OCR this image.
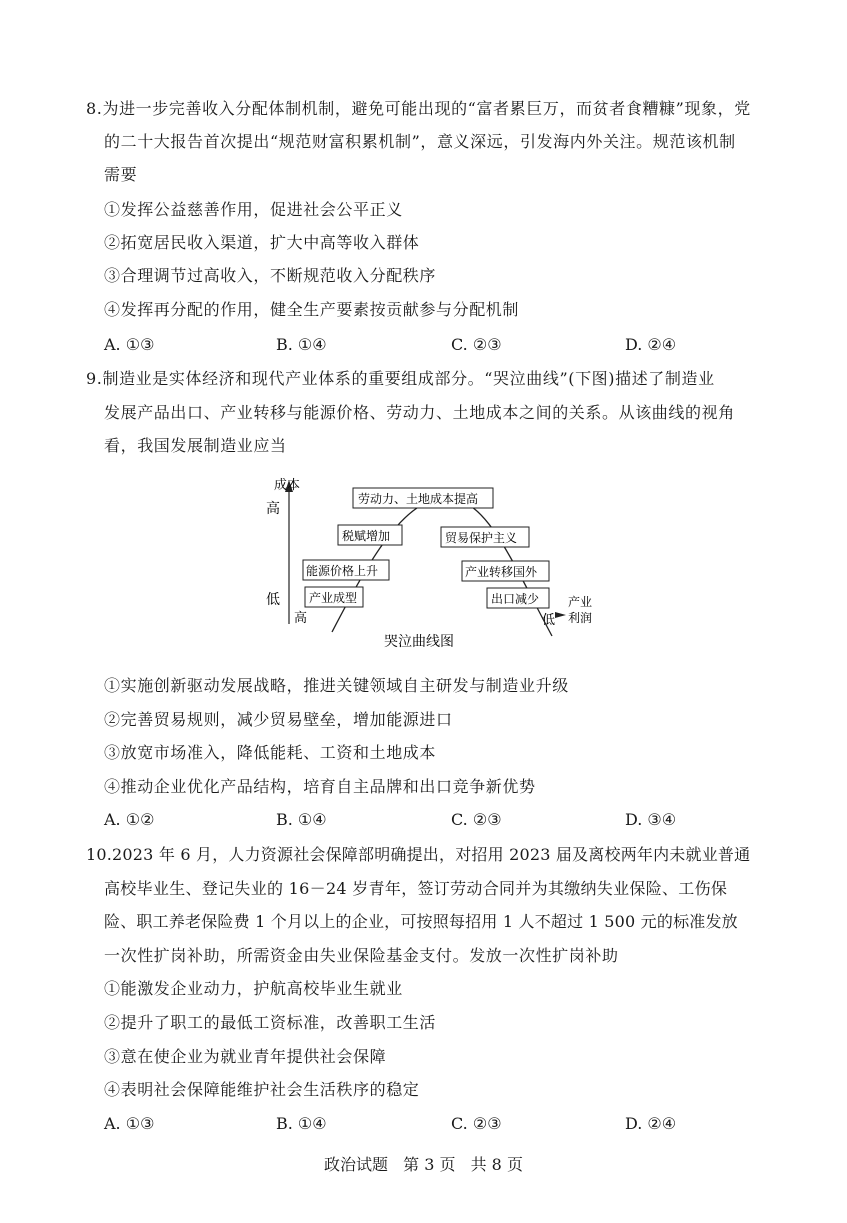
8.为进一步完善收入分配体制机制，避免可能出现的“富者累巨万，而贫者食糟糠”现象，党
的二十大报告首次提出“规范财富积累机制”，意义深远，引发海内外关注。规范该机制
需要
①发挥公益慈善作用，促进社会公平正义
②拓宽居民收入渠道，扩大中高等收入群体
③合理调节过高收入，不断规范收入分配秩序
④发挥再分配的作用，健全生产要素按贡献参与分配机制
A. ①③	B. ①④	C. ②③	D. ②④
9.制造业是实体经济和现代产业体系的重要组成部分。“哭泣曲线”(下图)描述了制造业
发展产品出口、产业转移与能源价格、劳动力、土地成本之间的关系。从该曲线的视角
看，我国发展制造业应当
成本
高
低
高	低
产业
利润
劳动力、土地成本提高
税赋增加
能源价格上升
产业成型
贸易保护主义
产业转移国外
出口减少
哭泣曲线图
①实施创新驱动发展战略，推进关键领域自主研发与制造业升级
②完善贸易规则，减少贸易壁垒，增加能源进口
③放宽市场准入，降低能耗、工资和土地成本
④推动企业优化产品结构，培育自主品牌和出口竞争新优势
A. ①②	B. ①④	C. ②③	D. ③④
10.2023 年 6 月，人力资源社会保障部明确提出，对招用 2023 届及离校两年内未就业普通
高校毕业生、登记失业的 16－24 岁青年，签订劳动合同并为其缴纳失业保险、工伤保
险、职工养老保险费 1 个月以上的企业，可按照每招用 1 人不超过 1 500 元的标准发放
一次性扩岗补助，所需资金由失业保险基金支付。发放一次性扩岗补助
①能激发企业动力，护航高校毕业生就业
②提升了职工的最低工资标准，改善职工生活
③意在使企业为就业青年提供社会保障
④表明社会保障能维护社会生活秩序的稳定
A. ①③	B. ①④	C. ②③	D. ②④
政治试题 第 3 页 共 8 页
